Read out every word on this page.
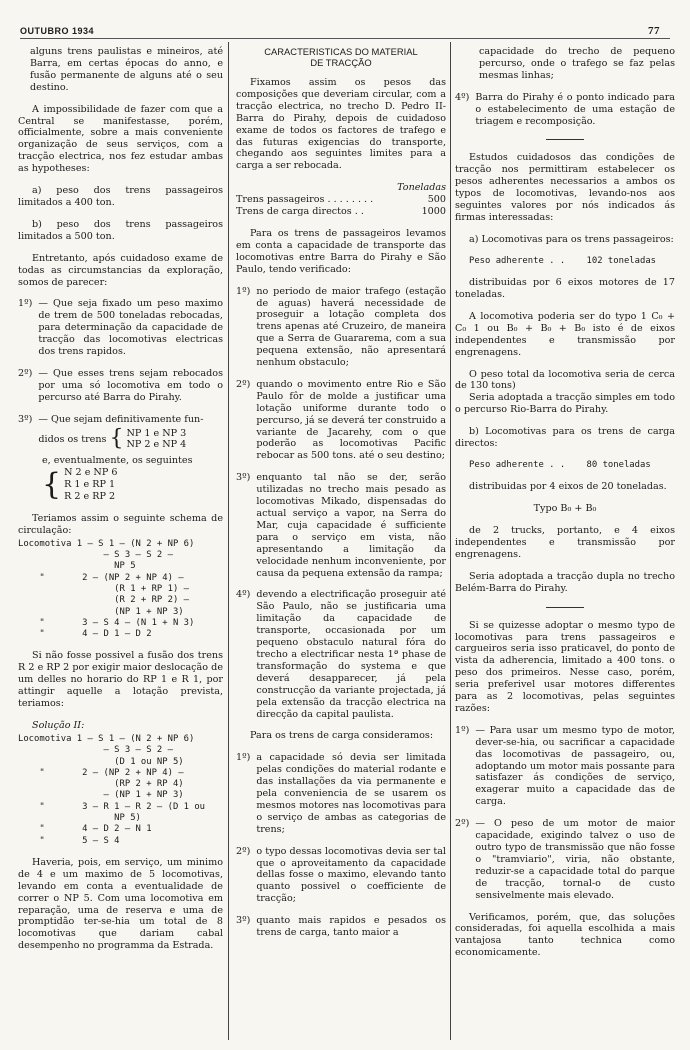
OUTUBRO 1934	77

alguns trens paulistas e mineiros, até Barra, em certas épocas do anno, e fusão permanente de alguns até o seu destino.

A impossibilidade de fazer com que a Central se manifestasse, porém, officialmente, sobre a mais conveniente organização de seus serviços, com a tracção electrica, nos fez estudar ambas as hypotheses:

a) peso dos trens passageiros limitados a 400 ton.

b) peso dos trens passageiros limitados a 500 ton.

Entretanto, após cuidadoso exame de todas as circumstancias da exploração, somos de parecer:

1º) — Que seja fixado um peso maximo de trem de 500 toneladas rebocadas, para determinação da capacidade de tracção das locomotivas electricas dos trens rapidos.
2º) — Que esses trens sejam rebocados por uma só locomotiva em todo o percurso até Barra do Pirahy.
3º) — Que sejam definitivamente fun-
didos os trens { NP 1 e NP 3
NP 2 e NP 4

e, eventualmente, os seguintes

{ N 2 e NP 6
R 1 e RP 1
R 2 e RP 2

Teriamos assim o seguinte schema de circulação:

Locomotiva 1 — S 1 — (N 2 + NP 6)
— S 3 — S 2 —
NP 5
"       2 — (NP 2 + NP 4) —
(R 1 + RP 1) —
(R 2 + RP 2) —
(NP 1 + NP 3)
"       3 — S 4 — (N 1 + N 3)
"       4 — D 1 — D 2

Si não fosse possivel a fusão dos trens R 2 e RP 2 por exigir maior deslocação de um delles no horario do RP 1 e R 1, por attingir aquelle a lotação prevista, teriamos:

Solução II:

Locomotiva 1 — S 1 — (N 2 + NP 6)
— S 3 — S 2 —
(D 1 ou NP 5)
"       2 — (NP 2 + NP 4) —
(RP 2 + RP 4)
— (NP 1 + NP 3)
"       3 — R 1 — R 2 — (D 1 ou
NP 5)
"       4 — D 2 — N 1
"       5 — S 4

Haveria, pois, em serviço, um minimo de 4 e um maximo de 5 locomotivas, levando em conta a eventualidade de correr o NP 5. Com uma locomotiva em reparação, uma de reserva e uma de promptidão ter-se-hia um total de 8 locomotivas que dariam cabal desempenho no programma da Estrada.

CARACTERISTICAS DO MATERIAL
DE TRACÇÃO

Fixamos assim os pesos das composições que deveriam circular, com a tracção electrica, no trecho D. Pedro II-Barra do Pirahy, depois de cuidadoso exame de todos os factores de trafego e das futuras exigencias do transporte, chegando aos seguintes limites para a carga a ser rebocada.

Toneladas

Trens passageiros . . . . . . . .	500
Trens de carga directos . .	1000

Para os trens de passageiros levamos em conta a capacidade de transporte das locomotivas entre Barra do Pirahy e São Paulo, tendo verificado:

1º) no periodo de maior trafego (estação de aguas) haverá necessidade de proseguir a lotação completa dos trens apenas até Cruzeiro, de maneira que a Serra de Guararema, com a sua pequena extensão, não apresentará nenhum obstaculo;
2º) quando o movimento entre Rio e São Paulo fôr de molde a justificar uma lotação uniforme durante todo o percurso, já se deverá ter construido a variante de Jacarehy, com o que poderão as locomotivas Pacific rebocar as 500 tons. até o seu destino;
3º) enquanto tal não se der, serão utilizadas no trecho mais pesado as locomotivas Mikado, dispensadas do actual serviço a vapor, na Serra do Mar, cuja capacidade é sufficiente para o serviço em vista, não apresentando a limitação da velocidade nenhum inconveniente, por causa da pequena extensão da rampa;
4º) devendo a electrificação proseguir até São Paulo, não se justificaria uma limitação da capacidade de transporte, occasionada por um pequeno obstaculo natural fóra do trecho a electrificar nesta 1ª phase de transformação do systema e que deverá desapparecer, já pela construcção da variante projectada, já pela extensão da tracção electrica na direcção da capital paulista.

Para os trens de carga consideramos:

1º) a capacidade só devia ser limitada pelas condições do material rodante e das installações da via permanente e pela conveniencia de se usarem os mesmos motores nas locomotivas para o serviço de ambas as categorias de trens;
2º) o typo dessas locomotivas devia ser tal que o aproveitamento da capacidade dellas fosse o maximo, elevando tanto quanto possivel o coefficiente de tracção;
3º) quanto mais rapidos e pesados os trens de carga, tanto maior a

capacidade do trecho de pequeno percurso, onde o trafego se faz pelas mesmas linhas;

4º) Barra do Pirahy é o ponto indicado para o estabelecimento de uma estação de triagem e recomposição.

Estudos cuidadosos das condições de tracção nos permittiram estabelecer os pesos adherentes necessarios a ambos os typos de locomotivas, levando-nos aos seguintes valores por nós indicados ás firmas interessadas:

a) Locomotivas para os trens passageiros:

Peso adherente . .    102 toneladas

distribuidas por 6 eixos motores de 17 toneladas.

A locomotiva poderia ser do typo 1 C₀ + C₀ 1 ou B₀ + B₀ + B₀ isto é de eixos independentes e transmissão por engrenagens.

O peso total da locomotiva seria de cerca de 130 tons)

Seria adoptada a tracção simples em todo o percurso Rio-Barra do Pirahy.

b) Locomotivas para os trens de carga directos:

Peso adherente . .    80 toneladas

distribuidas por 4 eixos de 20 toneladas.

Typo B₀ + B₀

de 2 trucks, portanto, e 4 eixos independentes e transmissão por engrenagens.

Seria adoptada a tracção dupla no trecho Belém-Barra do Pirahy.

Si se quizesse adoptar o mesmo typo de locomotivas para trens passageiros e cargueiros seria isso praticavel, do ponto de vista da adherencia, limitado a 400 tons. o peso dos primeiros. Nesse caso, porém, seria preferivel usar motores differentes para as 2 locomotivas, pelas seguintes razões:

1º) — Para usar um mesmo typo de motor, dever-se-hia, ou sacrificar a capacidade das locomotivas de passageiro, ou, adoptando um motor mais possante para satisfazer ás condições de serviço, exagerar muito a capacidade das de carga.
2º) — O peso de um motor de maior capacidade, exigindo talvez o uso de outro typo de transmissão que não fosse o "tramviario", viria, não obstante, reduzir-se a capacidade total do parque de tracção, tornal-o de custo sensivelmente mais elevado.

Verificamos, porém, que, das soluções consideradas, foi aquella escolhida a mais vantajosa tanto technica como economicamente.
